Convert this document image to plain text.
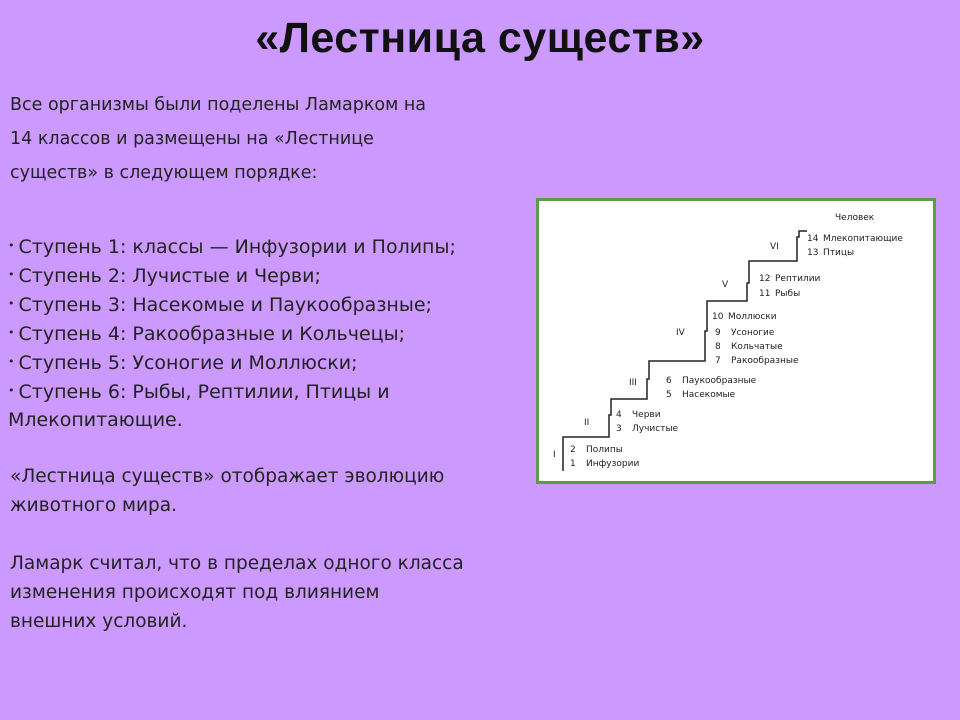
«Лестница существ»
Все организмы были поделены Ламарком на
14 классов и размещены на «Лестнице
существ» в следующем порядке:
• Ступень 1: классы — Инфузории и Полипы;
• Ступень 2: Лучистые и Черви;
• Ступень 3: Насекомые и Паукообразные;
• Ступень 4: Ракообразные и Кольчецы;
• Ступень 5: Усоногие и Моллюски;
• Ступень 6: Рыбы, Рептилии, Птицы и
Млекопитающие.
«Лестница существ» отображает эволюцию
животного мира.
Ламарк считал, что в пределах одного класса
изменения происходят под влиянием
внешних условий.
Человек
I
II
III
IV
V
VI
1 Инфузории
2 Полипы
3 Лучистые
4 Черви
5 Насекомые
6 Паукообразные
7 Ракообразные
8 Кольчатые
9 Усоногие
10 Моллюски
11 Рыбы
12 Рептилии
13 Птицы
14 Млекопитающие
